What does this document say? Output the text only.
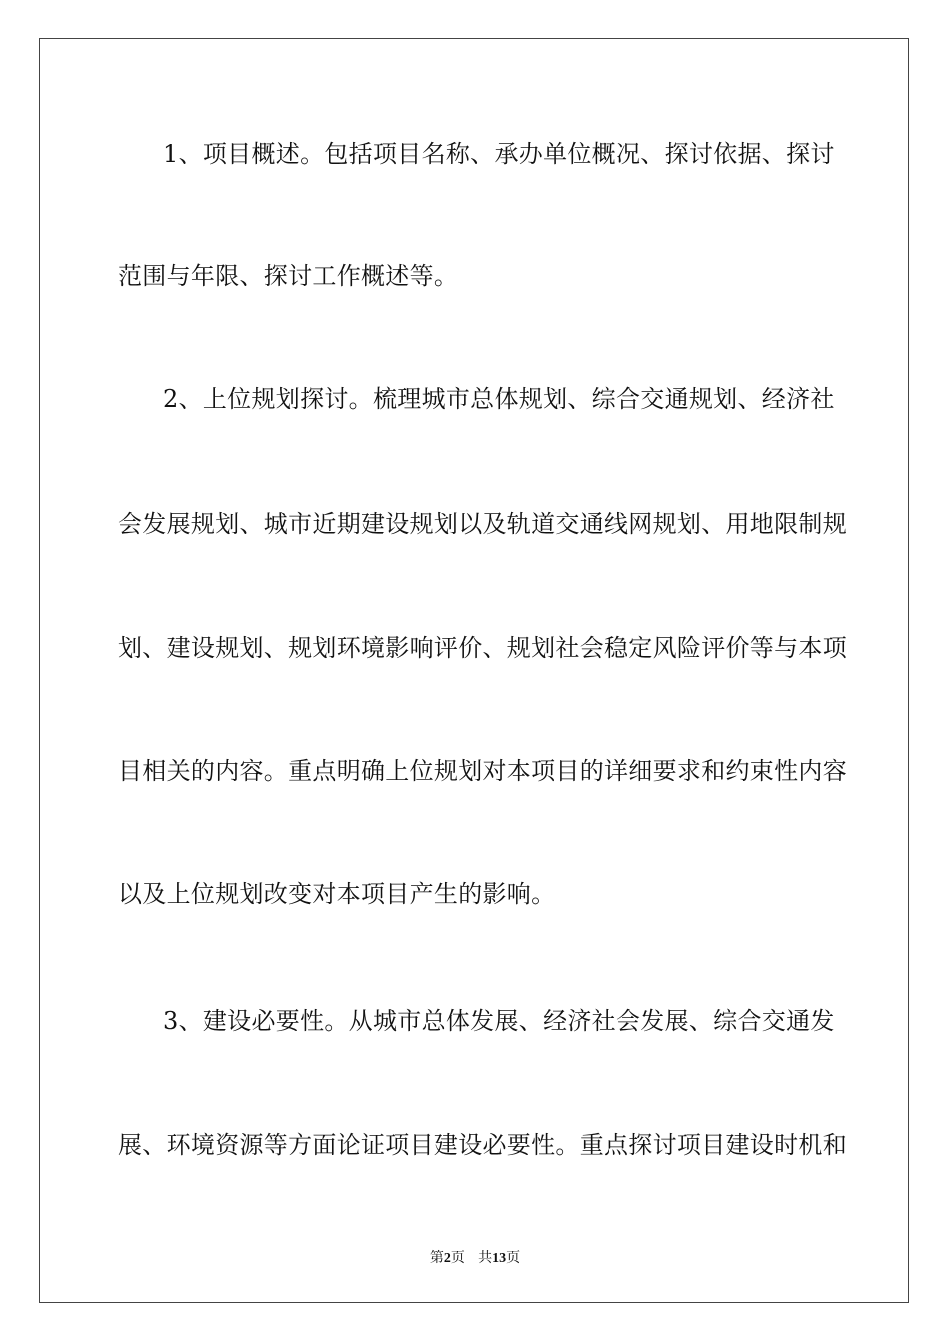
1、项目概述。包括项目名称、承办单位概况、探讨依据、探讨
范围与年限、探讨工作概述等。
2、上位规划探讨。梳理城市总体规划、综合交通规划、经济社
会发展规划、城市近期建设规划以及轨道交通线网规划、用地限制规
划、建设规划、规划环境影响评价、规划社会稳定风险评价等与本项
目相关的内容。重点明确上位规划对本项目的详细要求和约束性内容
以及上位规划改变对本项目产生的影响。
3、建设必要性。从城市总体发展、经济社会发展、综合交通发
展、环境资源等方面论证项目建设必要性。重点探讨项目建设时机和
第2页 共13页
